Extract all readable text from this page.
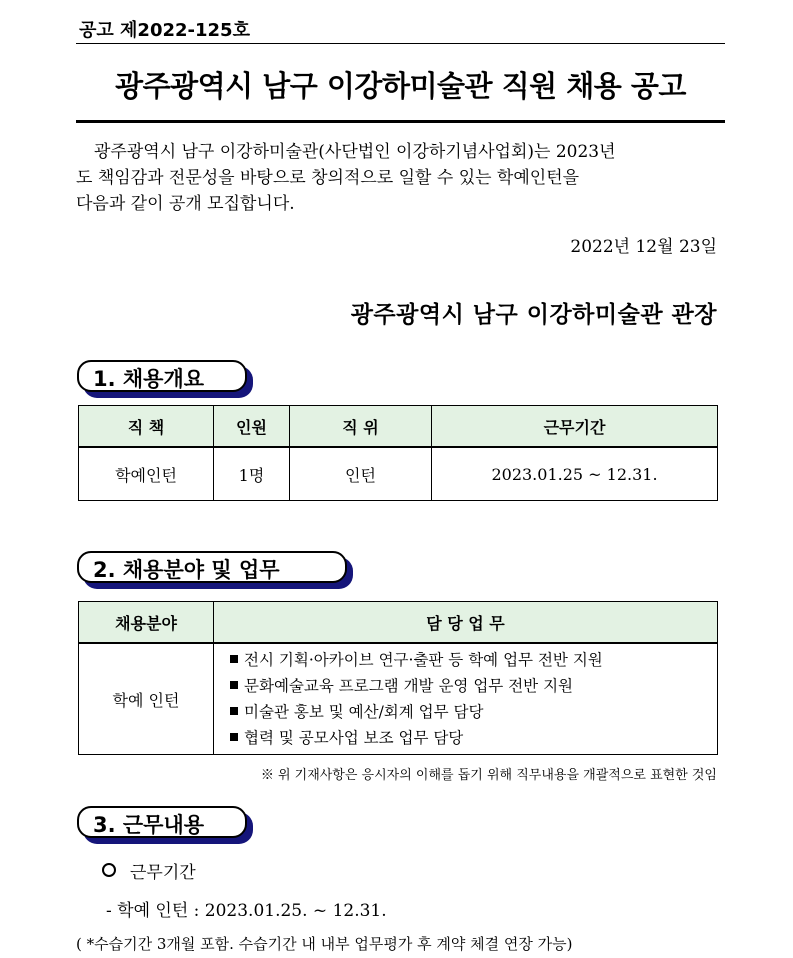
공고 제2022-125호
광주광역시 남구 이강하미술관 직원 채용 공고
광주광역시 남구 이강하미술관(사단법인 이강하기념사업회)는 2023년
도 책임감과 전문성을 바탕으로 창의적으로 일할 수 있는 학예인턴을
다음과 같이 공개 모집합니다.
2022년 12월 23일
광주광역시 남구 이강하미술관 관장
1. 채용개요
직 책	인원	직 위	근무기간
학예인턴	1명	인턴	2023.01.25 ~ 12.31.
2. 채용분야 및 업무
채용분야	담 당 업 무
학예 인턴	전시 기획·아카이브 연구·출판 등 학예 업무 전반 지원
문화예술교육 프로그램 개발 운영 업무 전반 지원
미술관 홍보 및 예산/회계 업무 담당
협력 및 공모사업 보조 업무 담당
※ 위 기재사항은 응시자의 이해를 돕기 위해 직무내용을 개괄적으로 표현한 것임
3. 근무내용
근무기간
- 학예 인턴 : 2023.01.25. ~ 12.31.
( *수습기간 3개월 포함. 수습기간 내 내부 업무평가 후 계약 체결 연장 가능)
